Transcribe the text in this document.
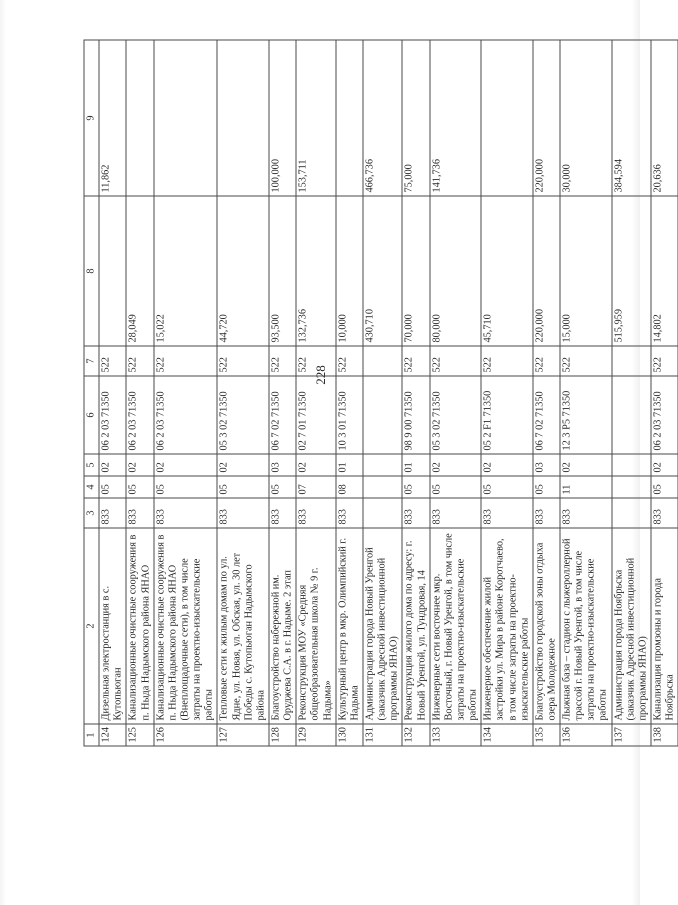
228
1	2	3	4	5	6	7	8	9
124	Дизельная электростанция в с. Кутопьюган	833	05	02	06 2 03 71350	522		11,862
125	Канализационные очистные сооружения в п. Ныда Надымского района ЯНАО	833	05	02	06 2 03 71350	522	28,049	
126	Канализационные очистные сооружения в п. Ныда Надымского района ЯНАО (Внеплощадочные сети), в том числе затраты на проектно-изыскательские работы	833	05	02	06 2 03 71350	522	15,022	
127	Тепловые сети к жилым домам по ул. Ядне, ул. Новая, ул. Обская, ул. 30 лет Победы с. Кутопьюган Надымского района	833	05	02	05 3 02 71350	522	44,720	
128	Благоустройство набережной им. Оруджева С.А. в г. Надыме. 2 этап	833	05	03	06 7 02 71350	522	93,500	100,000
129	Реконструкция МОУ «Средняя общеобразовательная школа № 9 г. Надыма»	833	07	02	02 7 01 71350	522	132,736	153,711
130	Культурный центр в мкр. Олимпийский г. Надыма	833	08	01	10 3 01 71350	522	10,000	
131	Администрация города Новый Уренгой (заказчик Адресной инвестиционной программы ЯНАО)						430,710	466,736
132	Реконструкция жилого дома по адресу: г. Новый Уренгой, ул. Тундровая, 14	833	05	01	98 9 00 71350	522	70,000	75,000
133	Инженерные сети восточнее мкр. Восточный, г. Новый Уренгой, в том числе затраты на проектно-изыскательские работы	833	05	02	05 3 02 71350	522	80,000	141,736
134	Инженерное обеспечение жилой застройки ул. Мира в районе Коротчаево, в том числе затраты на проектно-изыскательские работы	833	05	02	05 2 F1 71350	522	45,710	
135	Благоустройство городской зоны отдыха озера Молодежное	833	05	03	06 7 02 71350	522	220,000	220,000
136	Лыжная база – стадион с лыжероллерной трассой г. Новый Уренгой, в том числе затраты на проектно-изыскательские работы	833	11	02	12 3 P5 71350	522	15,000	30,000
137	Администрация города Ноябрьска (заказчик Адресной инвестиционной программы ЯНАО)						515,959	384,594
138	Канализация промзоны и города Ноябрьска	833	05	02	06 2 03 71350	522	14,802	20,636
